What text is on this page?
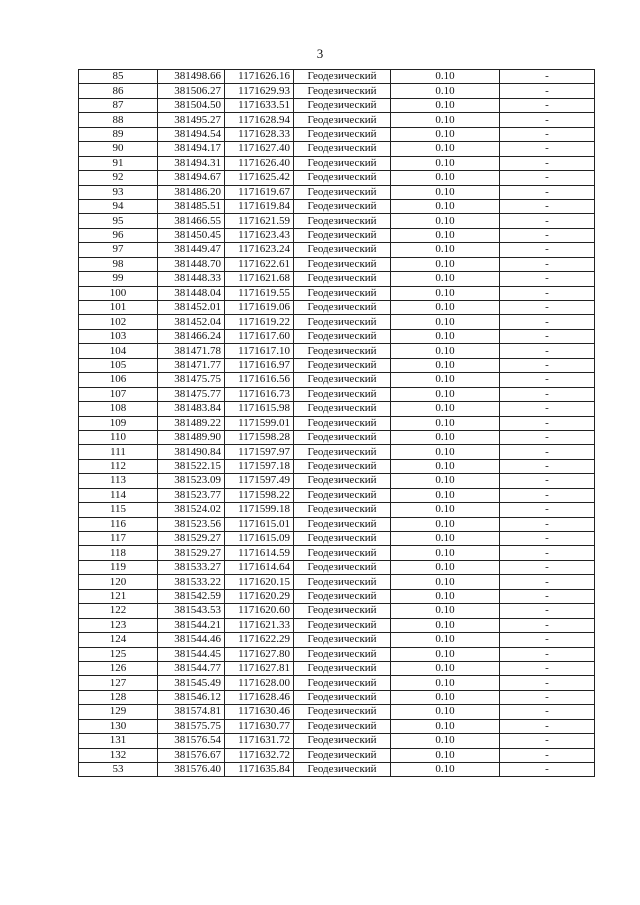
3
85	381498.66	1171626.16	Геодезический	0.10	-
86	381506.27	1171629.93	Геодезический	0.10	-
87	381504.50	1171633.51	Геодезический	0.10	-
88	381495.27	1171628.94	Геодезический	0.10	-
89	381494.54	1171628.33	Геодезический	0.10	-
90	381494.17	1171627.40	Геодезический	0.10	-
91	381494.31	1171626.40	Геодезический	0.10	-
92	381494.67	1171625.42	Геодезический	0.10	-
93	381486.20	1171619.67	Геодезический	0.10	-
94	381485.51	1171619.84	Геодезический	0.10	-
95	381466.55	1171621.59	Геодезический	0.10	-
96	381450.45	1171623.43	Геодезический	0.10	-
97	381449.47	1171623.24	Геодезический	0.10	-
98	381448.70	1171622.61	Геодезический	0.10	-
99	381448.33	1171621.68	Геодезический	0.10	-
100	381448.04	1171619.55	Геодезический	0.10	-
101	381452.01	1171619.06	Геодезический	0.10	-
102	381452.04	1171619.22	Геодезический	0.10	-
103	381466.24	1171617.60	Геодезический	0.10	-
104	381471.78	1171617.10	Геодезический	0.10	-
105	381471.77	1171616.97	Геодезический	0.10	-
106	381475.75	1171616.56	Геодезический	0.10	-
107	381475.77	1171616.73	Геодезический	0.10	-
108	381483.84	1171615.98	Геодезический	0.10	-
109	381489.22	1171599.01	Геодезический	0.10	-
110	381489.90	1171598.28	Геодезический	0.10	-
111	381490.84	1171597.97	Геодезический	0.10	-
112	381522.15	1171597.18	Геодезический	0.10	-
113	381523.09	1171597.49	Геодезический	0.10	-
114	381523.77	1171598.22	Геодезический	0.10	-
115	381524.02	1171599.18	Геодезический	0.10	-
116	381523.56	1171615.01	Геодезический	0.10	-
117	381529.27	1171615.09	Геодезический	0.10	-
118	381529.27	1171614.59	Геодезический	0.10	-
119	381533.27	1171614.64	Геодезический	0.10	-
120	381533.22	1171620.15	Геодезический	0.10	-
121	381542.59	1171620.29	Геодезический	0.10	-
122	381543.53	1171620.60	Геодезический	0.10	-
123	381544.21	1171621.33	Геодезический	0.10	-
124	381544.46	1171622.29	Геодезический	0.10	-
125	381544.45	1171627.80	Геодезический	0.10	-
126	381544.77	1171627.81	Геодезический	0.10	-
127	381545.49	1171628.00	Геодезический	0.10	-
128	381546.12	1171628.46	Геодезический	0.10	-
129	381574.81	1171630.46	Геодезический	0.10	-
130	381575.75	1171630.77	Геодезический	0.10	-
131	381576.54	1171631.72	Геодезический	0.10	-
132	381576.67	1171632.72	Геодезический	0.10	-
53	381576.40	1171635.84	Геодезический	0.10	-
